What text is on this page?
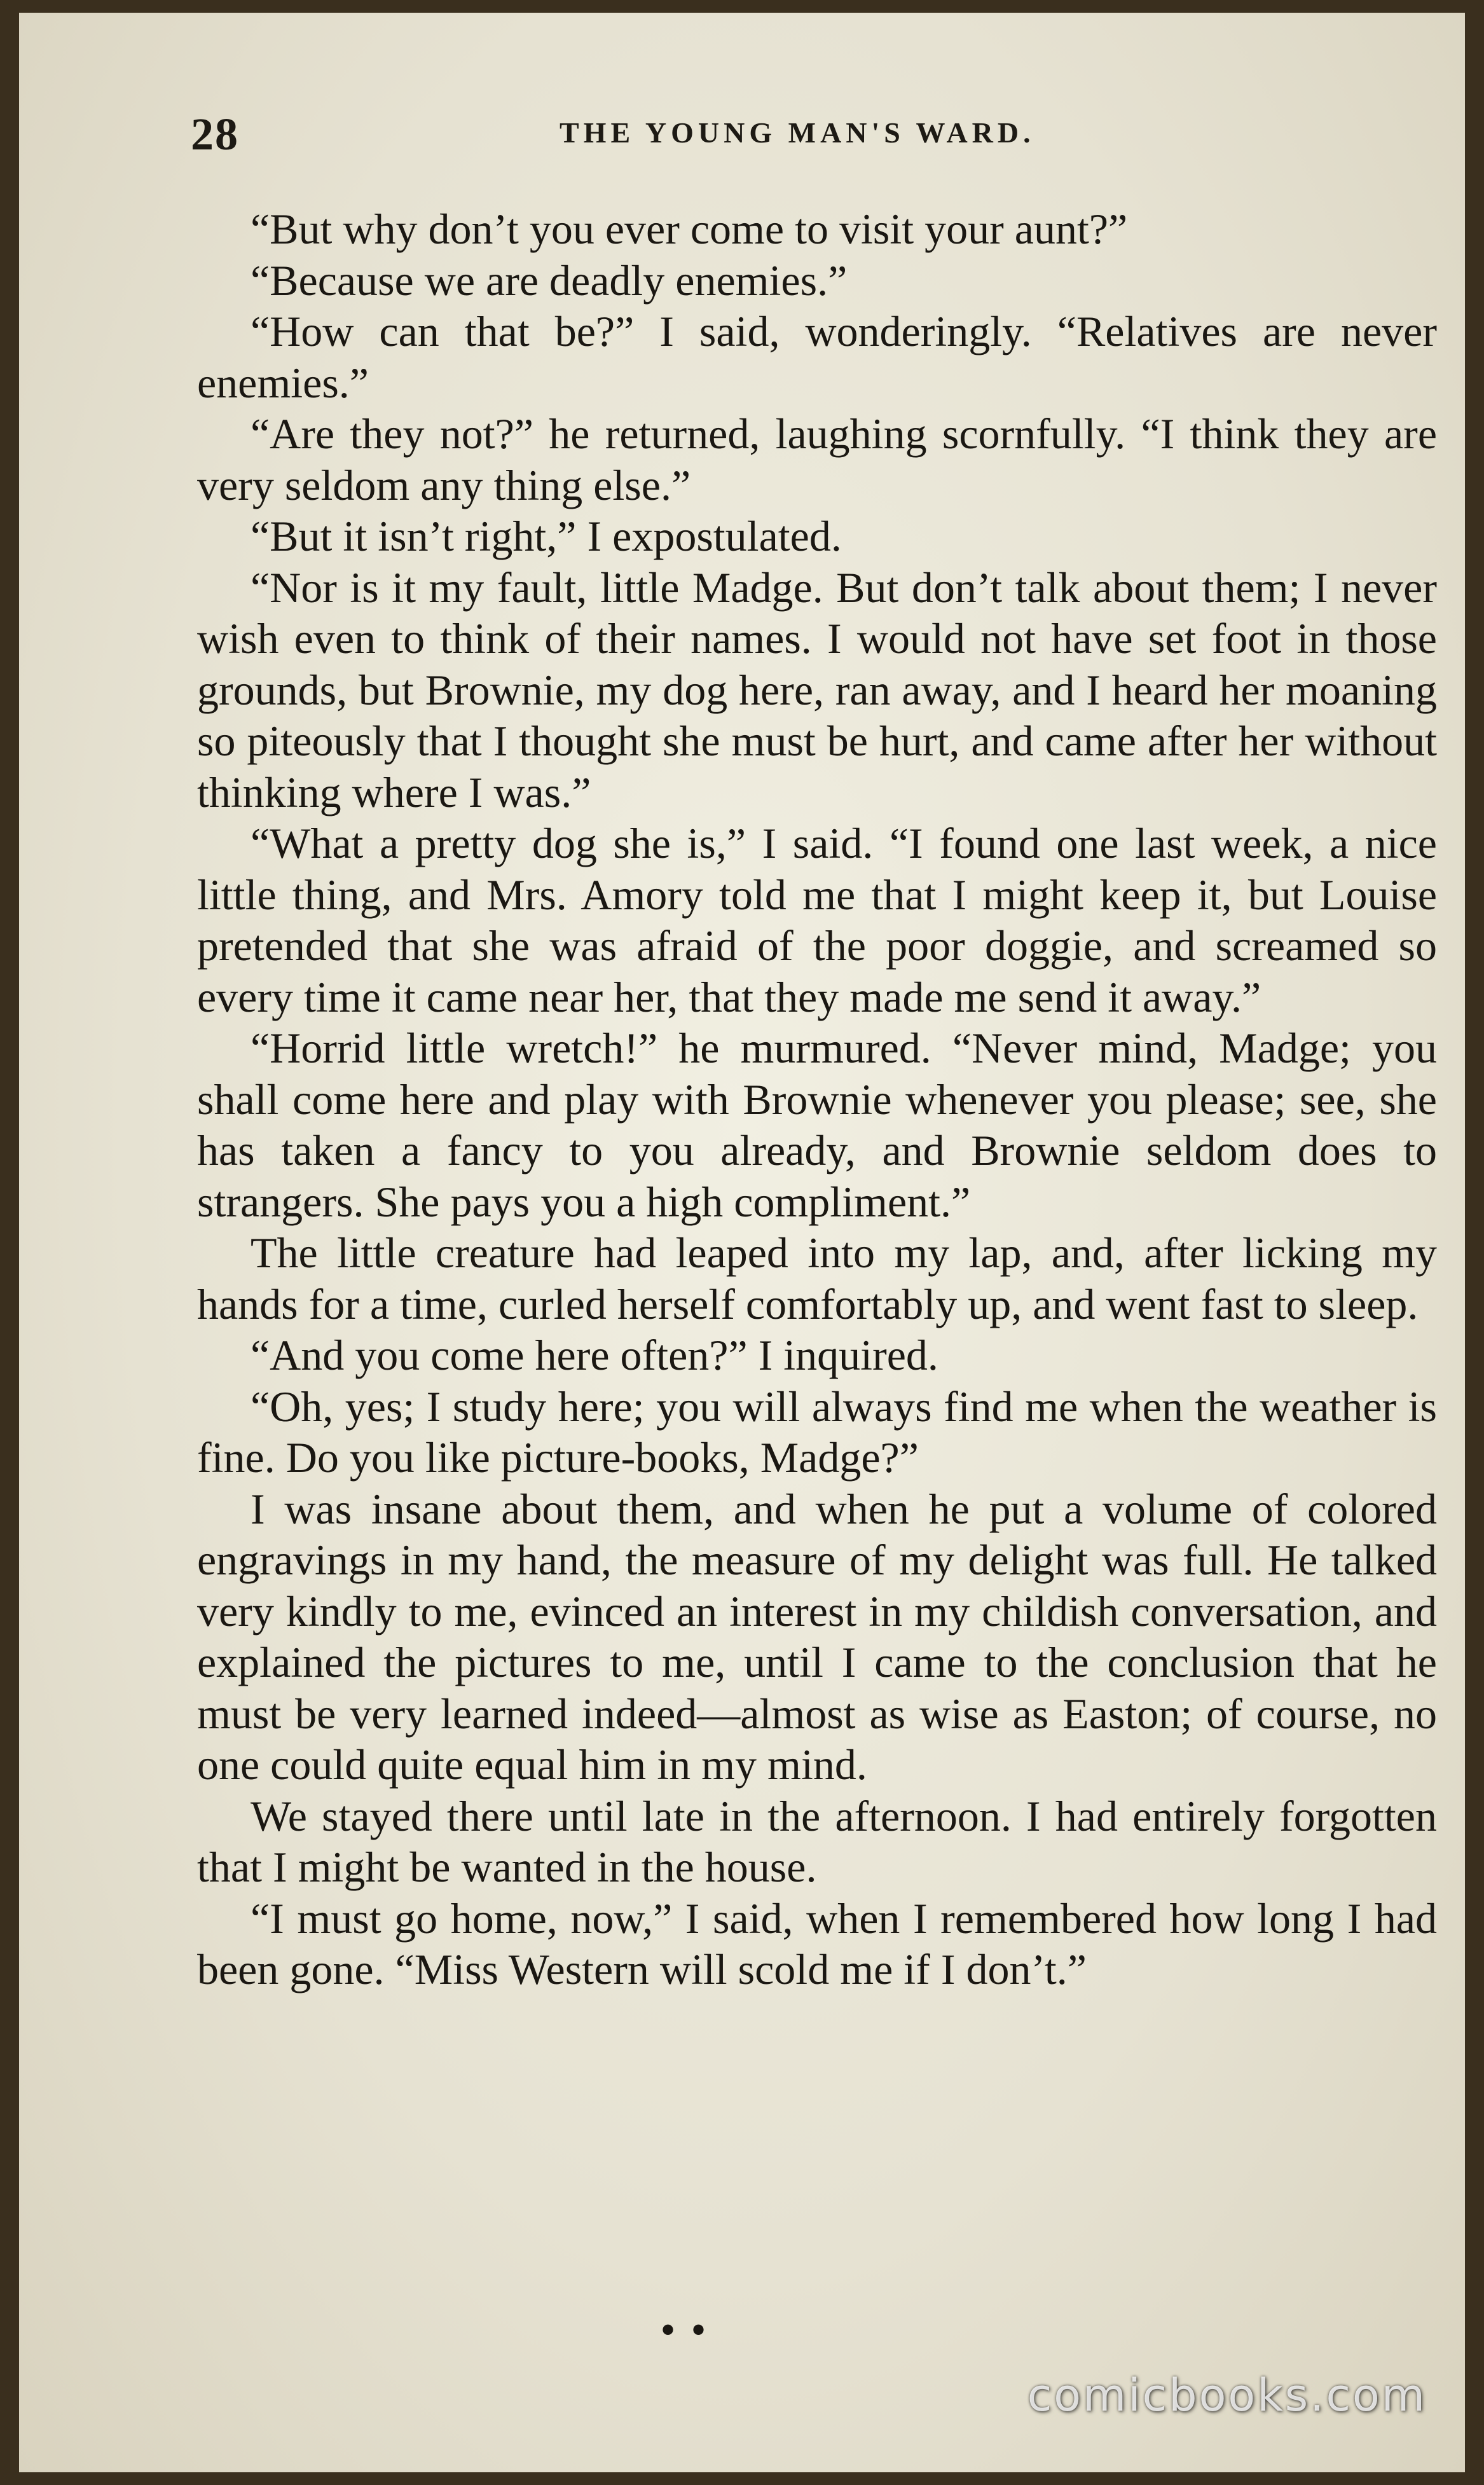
28	THE YOUNG MAN'S WARD.

“But why don’t you ever come to visit your aunt?”

“Because we are deadly enemies.”

“How can that be?” I said, wonderingly. “Relatives are never enemies.”

“Are they not?” he returned, laughing scornfully. “I think they are very seldom any thing else.”

“But it isn’t right,” I expostulated.

“Nor is it my fault, little Madge. But don’t talk about them; I never wish even to think of their names. I would not have set foot in those grounds, but Brownie, my dog here, ran away, and I heard her moaning so piteously that I thought she must be hurt, and came after her without thinking where I was.”

“What a pretty dog she is,” I said. “I found one last week, a nice little thing, and Mrs. Amory told me that I might keep it, but Louise pretended that she was afraid of the poor doggie, and screamed so every time it came near her, that they made me send it away.”

“Horrid little wretch!” he murmured. “Never mind, Madge; you shall come here and play with Brownie whenever you please; see, she has taken a fancy to you already, and Brownie seldom does to strangers. She pays you a high compliment.”

The little creature had leaped into my lap, and, after licking my hands for a time, curled herself comfortably up, and went fast to sleep.

“And you come here often?” I inquired.

“Oh, yes; I study here; you will always find me when the weather is fine. Do you like picture-books, Madge?”

I was insane about them, and when he put a volume of colored engravings in my hand, the measure of my delight was full. He talked very kindly to me, evinced an interest in my childish conversation, and explained the pictures to me, until I came to the conclusion that he must be very learned indeed—almost as wise as Easton; of course, no one could quite equal him in my mind.

We stayed there until late in the afternoon. I had entirely forgotten that I might be wanted in the house.

“I must go home, now,” I said, when I remembered how long I had been gone. “Miss Western will scold me if I don’t.”

• •
comicbooks.com
